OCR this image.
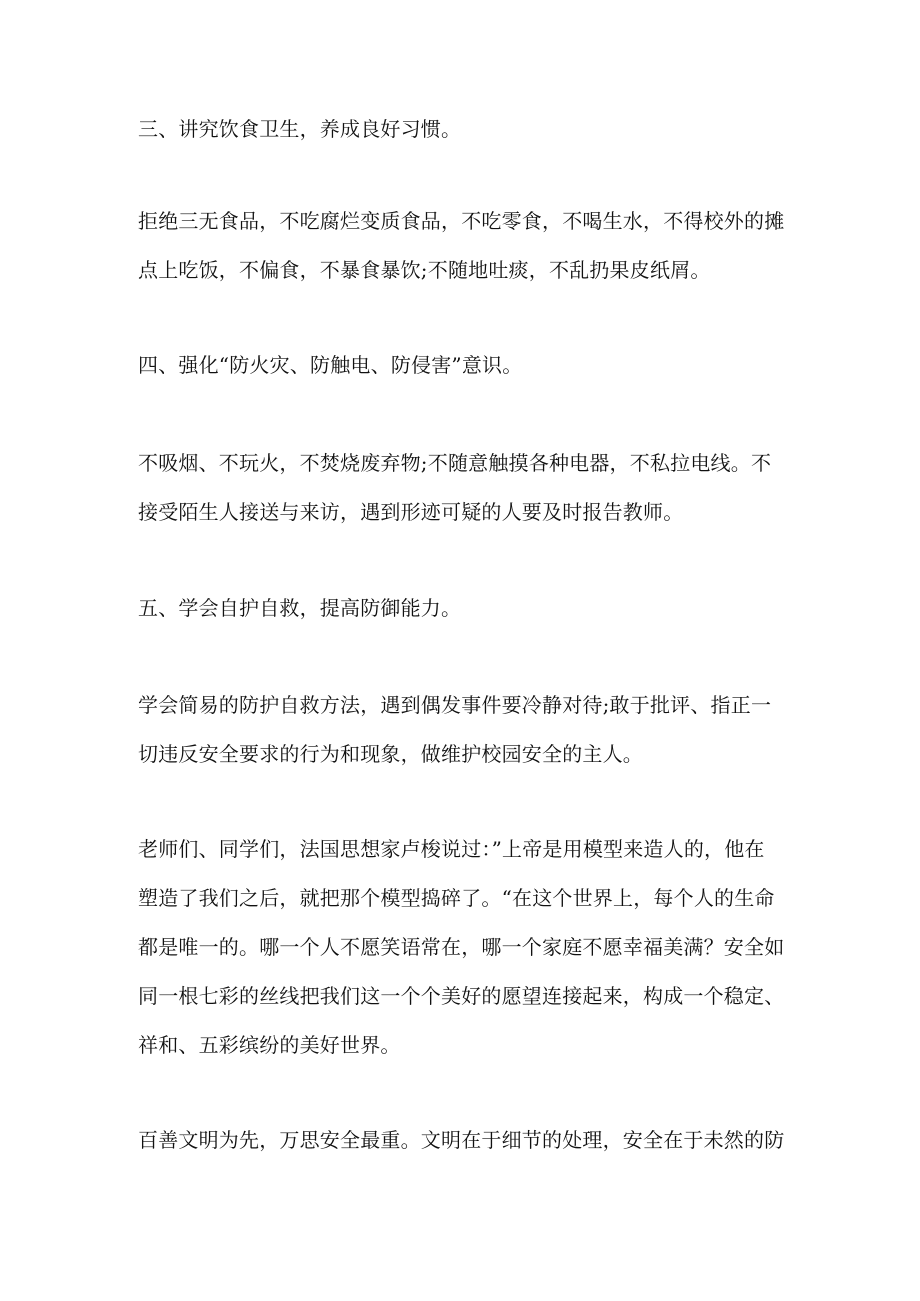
三、讲究饮食卫生，养成良好习惯。
拒绝三无食品，不吃腐烂变质食品，不吃零食，不喝生水，不得校外的摊
点上吃饭，不偏食，不暴食暴饮;不随地吐痰，不乱扔果皮纸屑。
四、强化“防火灾、防触电、防侵害”意识。
不吸烟、不玩火，不焚烧废弃物;不随意触摸各种电器，不私拉电线。不
接受陌生人接送与来访，遇到形迹可疑的人要及时报告教师。
五、学会自护自救，提高防御能力。
学会简易的防护自救方法，遇到偶发事件要冷静对待;敢于批评、指正一
切违反安全要求的行为和现象，做维护校园安全的主人。
老师们、同学们，法国思想家卢梭说过：”上帝是用模型来造人的，他在
塑造了我们之后，就把那个模型捣碎了。“在这个世界上，每个人的生命
都是唯一的。哪一个人不愿笑语常在，哪一个家庭不愿幸福美满？安全如
同一根七彩的丝线把我们这一个个美好的愿望连接起来，构成一个稳定、
祥和、五彩缤纷的美好世界。
百善文明为先，万思安全最重。文明在于细节的处理，安全在于未然的防
